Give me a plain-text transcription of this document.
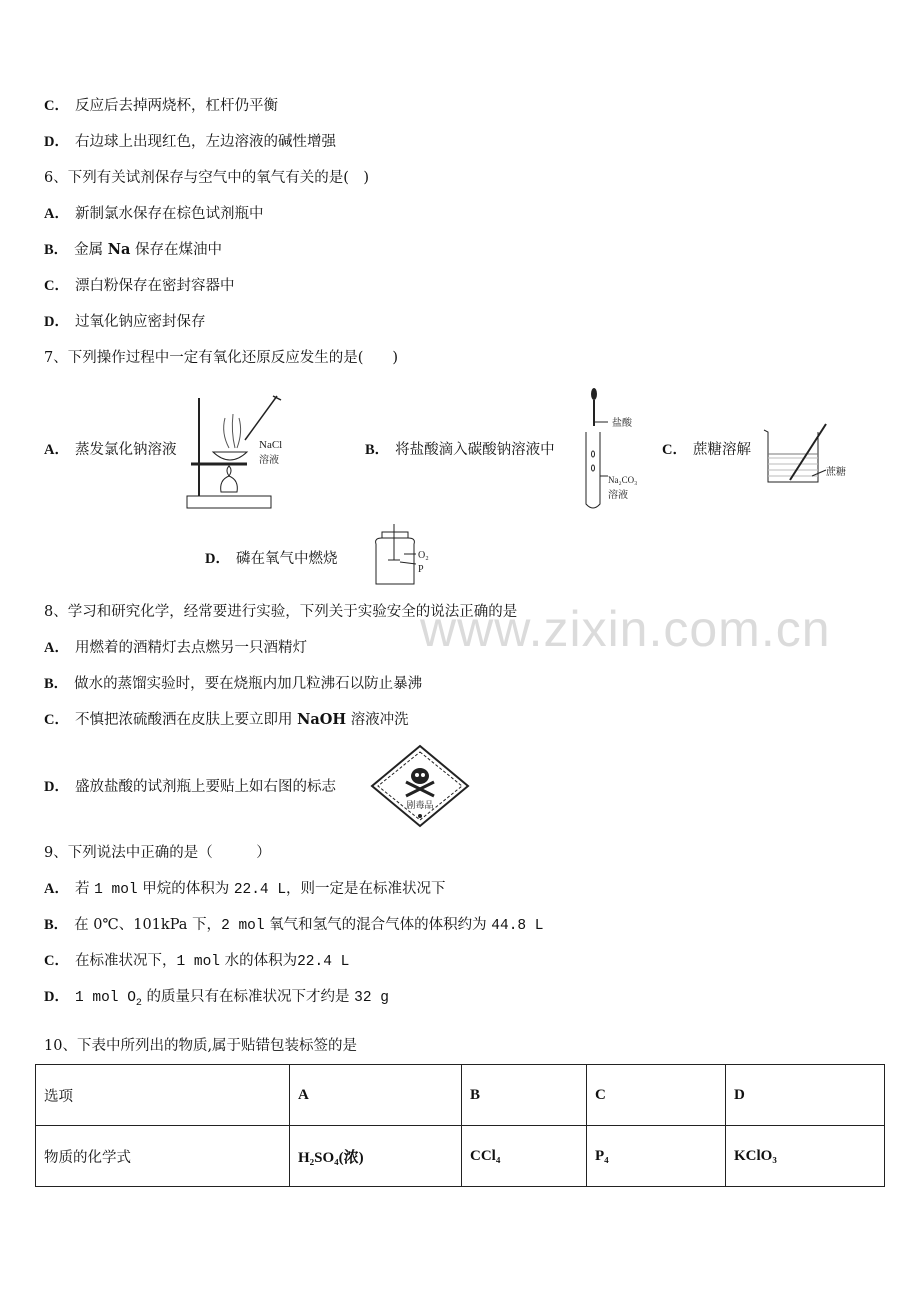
www.zixin.com.cn
C． 反应后去掉两烧杯，杠杆仍平衡
D． 右边球上出现红色，左边溶液的碱性增强
6、下列有关试剂保存与空气中的氧气有关的是(　)
A． 新制氯水保存在棕色试剂瓶中
B． 金属 Na 保存在煤油中
C． 漂白粉保存在密封容器中
D． 过氧化钠应密封保存
7、下列操作过程中一定有氧化还原反应发生的是(　　)
A． 蒸发氯化钠溶液	NaCl
溶液
B． 将盐酸滴入碳酸钠溶液中
盐酸
Na₂CO₃
溶液
C． 蔗糖溶解
蔗糖
D． 磷在氧气中燃烧	O₂
P
8、学习和研究化学，经常要进行实验，下列关于实验安全的说法正确的是
A． 用燃着的酒精灯去点燃另一只酒精灯
B． 做水的蒸馏实验时，要在烧瓶内加几粒沸石以防止暴沸
C． 不慎把浓硫酸洒在皮肤上要立即用 NaOH 溶液冲洗
D． 盛放盐酸的试剂瓶上要贴上如右图的标志
剧毒品
9、下列说法中正确的是（　　　）
A． 若 1 mol 甲烷的体积为 22.4 L，则一定是在标准状况下
B． 在 0℃、101kPa 下，2 mol 氧气和氢气的混合气体的体积约为 44.8 L
C． 在标准状况下，1 mol 水的体积为22.4 L
D． 1 mol $O_2$ 的质量只有在标准状况下才约是 32 g
10、下表中所列出的物质,属于贴错包装标签的是
选项	A	B	C	D
物质的化学式	H₂SO₄(浓)	CCl₄	P₄	KClO₃
